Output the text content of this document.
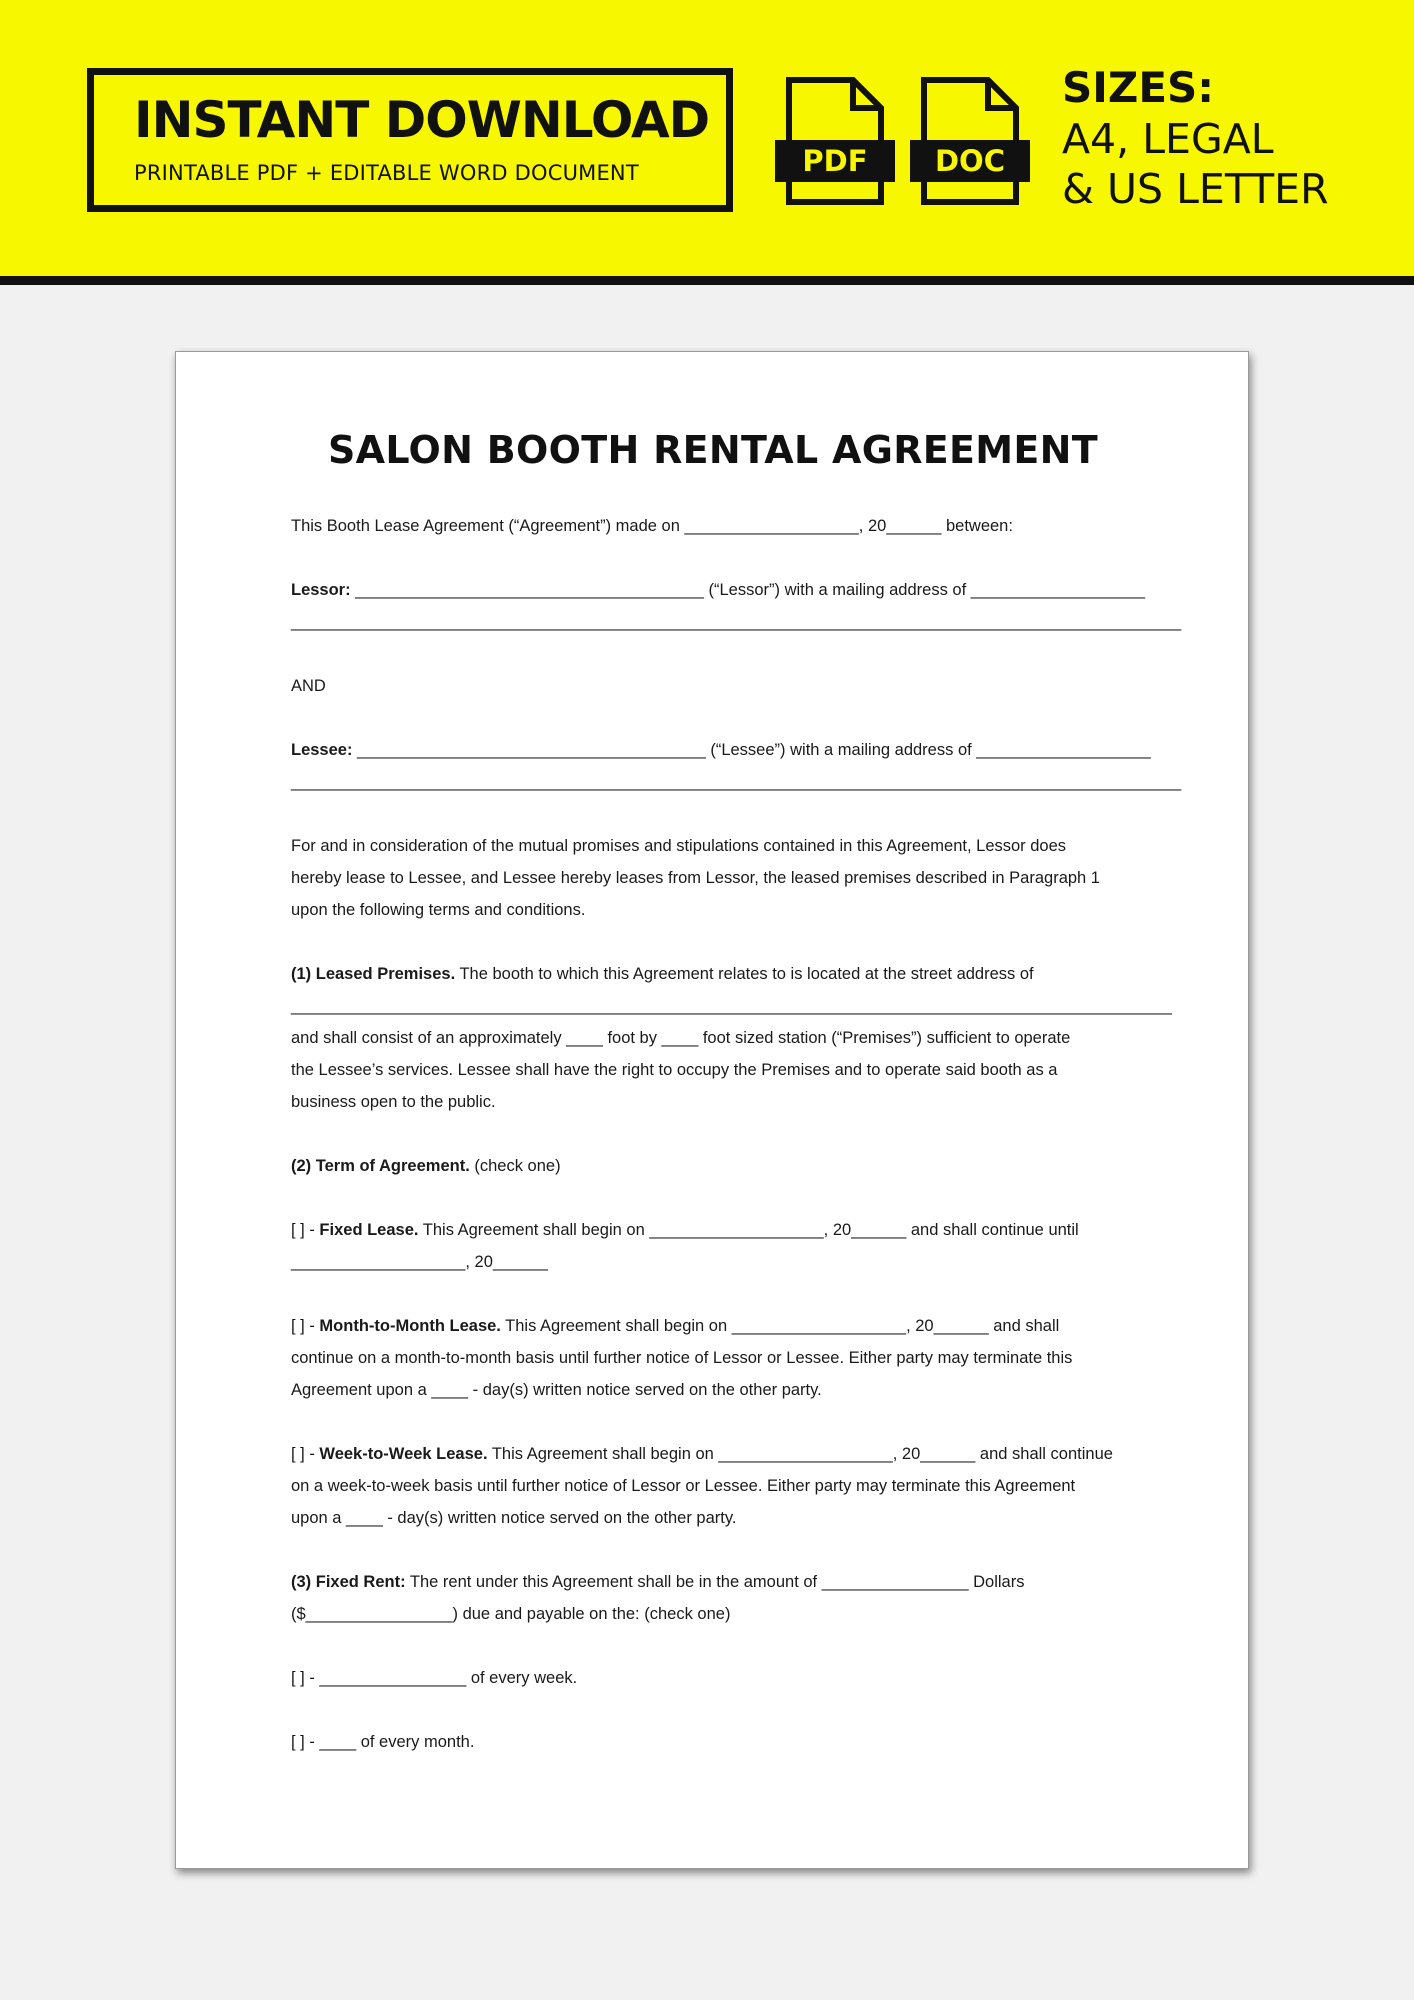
INSTANT DOWNLOAD
PRINTABLE PDF + EDITABLE WORD DOCUMENT	PDF	DOC
SIZES:
A4, LEGAL
& US LETTER
SALON BOOTH RENTAL AGREEMENT
This Booth Lease Agreement (“Agreement”) made on ___________________, 20______ between:
Lessor: ______________________________________ (“Lessor”) with a mailing address of ___________________
_________________________________________________________________________________________________
AND
Lessee: ______________________________________ (“Lessee”) with a mailing address of ___________________
_________________________________________________________________________________________________
For and in consideration of the mutual promises and stipulations contained in this Agreement, Lessor does
hereby lease to Lessee, and Lessee hereby leases from Lessor, the leased premises described in Paragraph 1
upon the following terms and conditions.
(1) Leased Premises. The booth to which this Agreement relates to is located at the street address of
________________________________________________________________________________________________
and shall consist of an approximately ____ foot by ____ foot sized station (“Premises”) sufficient to operate
the Lessee’s services. Lessee shall have the right to occupy the Premises and to operate said booth as a
business open to the public.
(2) Term of Agreement. (check one)
[ ] - Fixed Lease. This Agreement shall begin on ___________________, 20______ and shall continue until
___________________, 20______
[ ] - Month-to-Month Lease. This Agreement shall begin on ___________________, 20______ and shall
continue on a month-to-month basis until further notice of Lessor or Lessee. Either party may terminate this
Agreement upon a ____ - day(s) written notice served on the other party.
[ ] - Week-to-Week Lease. This Agreement shall begin on ___________________, 20______ and shall continue
on a week-to-week basis until further notice of Lessor or Lessee. Either party may terminate this Agreement
upon a ____ - day(s) written notice served on the other party.
(3) Fixed Rent: The rent under this Agreement shall be in the amount of ________________ Dollars
($________________) due and payable on the: (check one)
[ ] - ________________ of every week.
[ ] - ____ of every month.
